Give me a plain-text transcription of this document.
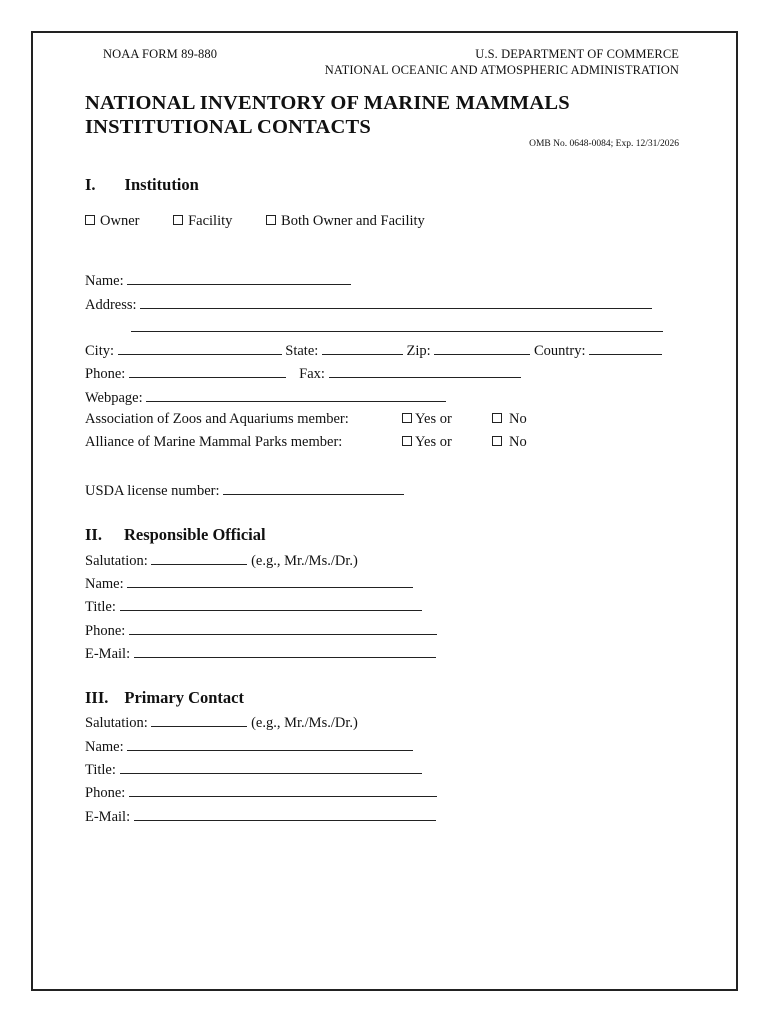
NOAA FORM 89-880	U.S. DEPARTMENT OF COMMERCE
NATIONAL OCEANIC AND ATMOSPHERIC ADMINISTRATION
NATIONAL INVENTORY OF MARINE MAMMALS
INSTITUTIONAL CONTACTS
OMB No. 0648-0084; Exp. 12/31/2026
I. Institution
Owner	Facility	Both Owner and Facility
Name:
Address:
City:	State:	Zip:	Country:
Phone:	Fax:
Webpage:
Association of Zoos and Aquariums member:	Yes or	No
Alliance of Marine Mammal Parks member:	Yes or	No
USDA license number:
II. Responsible Official
Salutation:	(e.g., Mr./Ms./Dr.)
Name:
Title:
Phone:
E-Mail:
III. Primary Contact
Salutation:	(e.g., Mr./Ms./Dr.)
Name:
Title:
Phone:
E-Mail:
